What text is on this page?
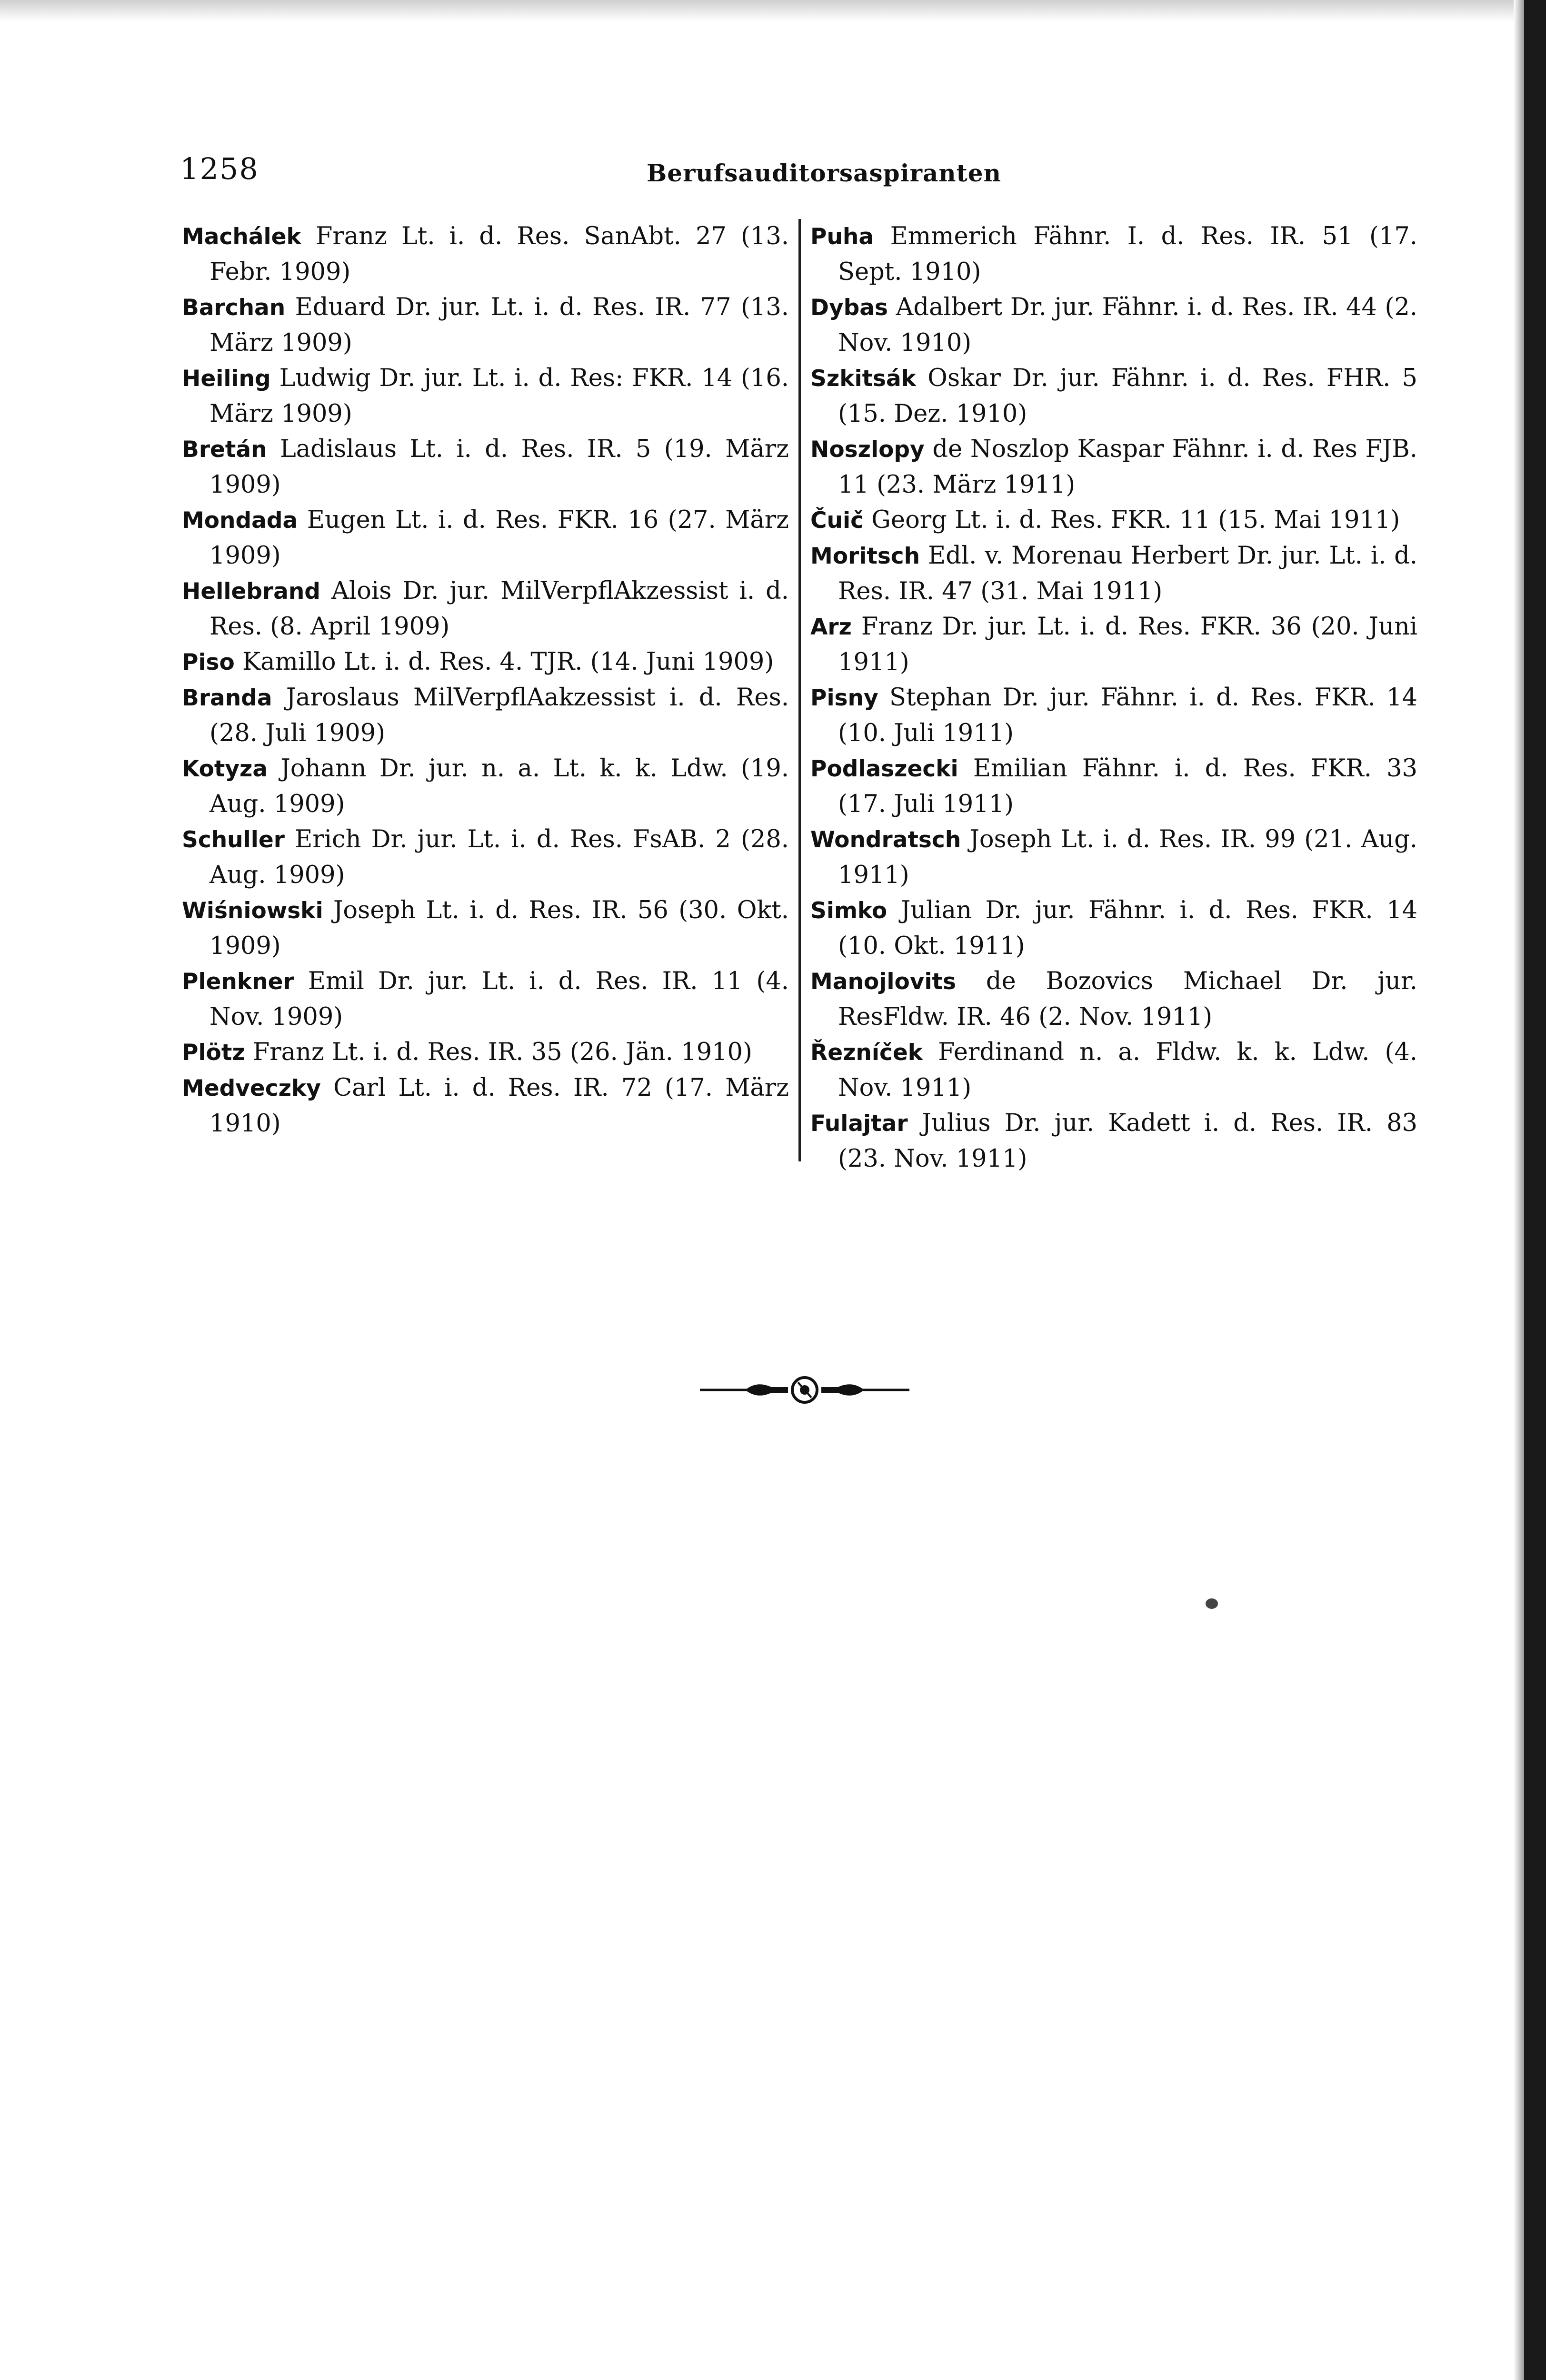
1258	Berufsauditorsaspiranten

Machálek Franz Lt. i. d. Res. SanAbt. 27 (13. Febr. 1909)

Barchan Eduard Dr. jur. Lt. i. d. Res. IR. 77 (13. März 1909)

Heiling Ludwig Dr. jur. Lt. i. d. Res: FKR. 14 (16. März 1909)

Bretán Ladislaus Lt. i. d. Res. IR. 5 (19. März 1909)

Mondada Eugen Lt. i. d. Res. FKR. 16 (27. März 1909)

Hellebrand Alois Dr. jur. MilVerpflAkzessist i. d. Res. (8. April 1909)

Piso Kamillo Lt. i. d. Res. 4. TJR. (14. Juni 1909)

Branda Jaroslaus MilVerpflAakzessist i. d. Res. (28. Juli 1909)

Kotyza Johann Dr. jur. n. a. Lt. k. k. Ldw. (19. Aug. 1909)

Schuller Erich Dr. jur. Lt. i. d. Res. FsAB. 2 (28. Aug. 1909)

Wiśniowski Joseph Lt. i. d. Res. IR. 56 (30. Okt. 1909)

Plenkner Emil Dr. jur. Lt. i. d. Res. IR. 11 (4. Nov. 1909)

Plötz Franz Lt. i. d. Res. IR. 35 (26. Jän. 1910)

Medveczky Carl Lt. i. d. Res. IR. 72 (17. März 1910)

Puha Emmerich Fähnr. I. d. Res. IR. 51 (17. Sept. 1910)

Dybas Adalbert Dr. jur. Fähnr. i. d. Res. IR. 44 (2. Nov. 1910)

Szkitsák Oskar Dr. jur. Fähnr. i. d. Res. FHR. 5 (15. Dez. 1910)

Noszlopy de Noszlop Kaspar Fähnr. i. d. Res FJB. 11 (23. März 1911)

Čuič Georg Lt. i. d. Res. FKR. 11 (15. Mai 1911)

Moritsch Edl. v. Morenau Herbert Dr. jur. Lt. i. d. Res. IR. 47 (31. Mai 1911)

Arz Franz Dr. jur. Lt. i. d. Res. FKR. 36 (20. Juni 1911)

Pisny Stephan Dr. jur. Fähnr. i. d. Res. FKR. 14 (10. Juli 1911)

Podlaszecki Emilian Fähnr. i. d. Res. FKR. 33 (17. Juli 1911)

Wondratsch Joseph Lt. i. d. Res. IR. 99 (21. Aug. 1911)

Simko Julian Dr. jur. Fähnr. i. d. Res. FKR. 14 (10. Okt. 1911)

Manojlovits de Bozovics Michael Dr. jur. ResFldw. IR. 46 (2. Nov. 1911)

Řezníček Ferdinand n. a. Fldw. k. k. Ldw. (4. Nov. 1911)

Fulajtar Julius Dr. jur. Kadett i. d. Res. IR. 83 (23. Nov. 1911)
